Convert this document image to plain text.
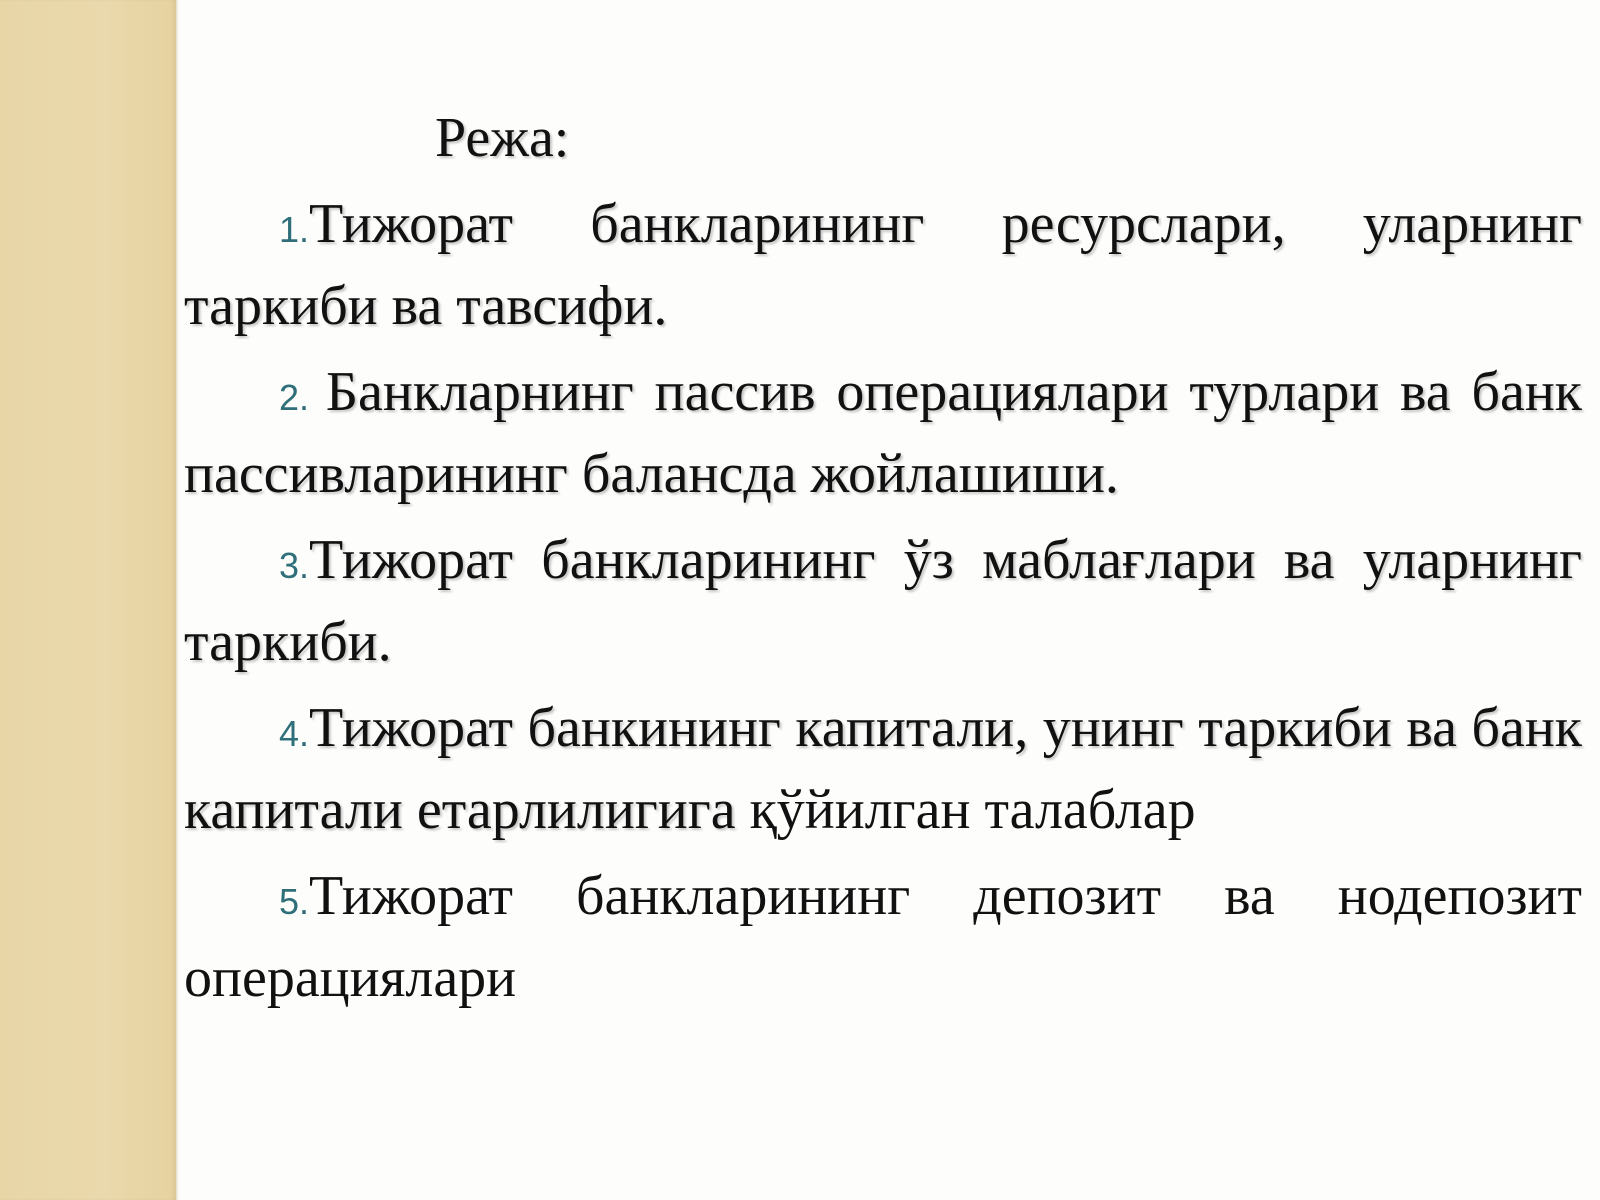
Режа:
1.Тижорат банкларининг ресурслари, уларнинг таркиби ва тавсифи.
2. Банкларнинг пассив операциялари турлари ва банк пассивларининг балансда жойлашиши.
3.Тижорат банкларининг ўз маблағлари ва уларнинг таркиби.
4.Тижорат банкининг капитали, унинг таркиби ва банк капитали етарлилигига қўйилган талаблар
5.Тижорат банкларининг депозит ва нодепозит операциялари
